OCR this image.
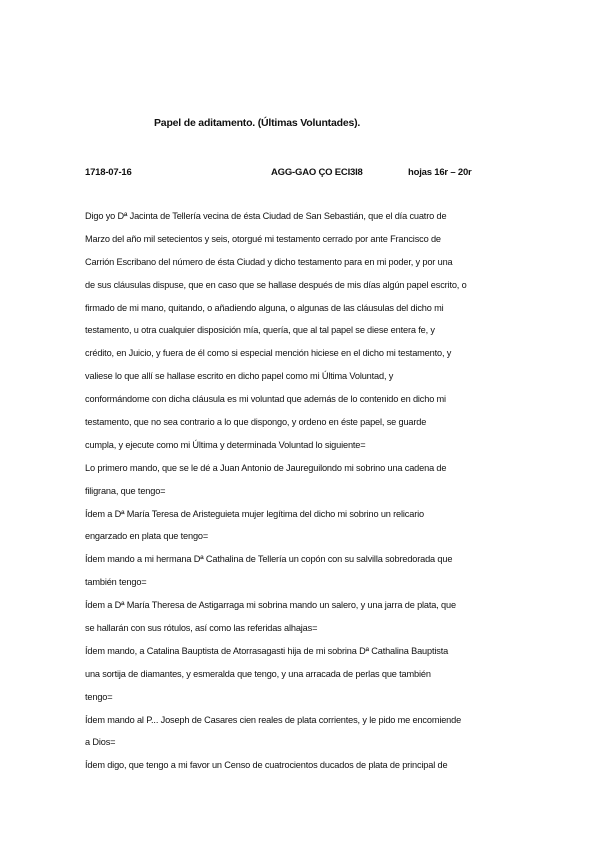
Papel de aditamento. (Últimas Voluntades).
1718-07-16	AGG-GAO ÇO ECI3I8	hojas 16r – 20r
Digo yo Dª Jacinta de Tellería vecina de ésta Ciudad de San Sebastián, que el día cuatro de
Marzo del año mil setecientos y seis, otorgué mi testamento cerrado por ante Francisco de
Carrión Escribano del número de ésta Ciudad y dicho testamento para en mi poder, y por una
de sus cláusulas dispuse, que en caso que se hallase después de mis días algún papel escrito, o
firmado de mi mano, quitando, o añadiendo alguna, o algunas de las cláusulas del dicho mi
testamento, u otra cualquier disposición mía, quería, que al tal papel se diese entera fe, y
crédito, en Juicio, y fuera de él como si especial mención hiciese en el dicho mi testamento, y
valiese lo que allí se hallase escrito en dicho papel como mi Última Voluntad, y
conformándome con dicha cláusula es mi voluntad que además de lo contenido en dicho mi
testamento, que no sea contrario a lo que dispongo, y ordeno en éste papel, se guarde
cumpla, y ejecute como mi Última y determinada Voluntad lo siguiente=
Lo primero mando, que se le dé a Juan Antonio de Jaureguilondo mi sobrino una cadena de
filigrana, que tengo=
Ídem a Dª María Teresa de Aristeguieta mujer legítima del dicho mi sobrino un relicario
engarzado en plata que tengo=
Ídem mando a mi hermana Dª Cathalina de Tellería un copón con su salvilla sobredorada que
también tengo=
Ídem a Dª María Theresa de Astigarraga mi sobrina mando un salero, y una jarra de plata, que
se hallarán con sus rótulos, así como las referidas alhajas=
Ídem mando, a Catalina Bauptista de Atorrasagasti hija de mi sobrina Dª Cathalina Bauptista
una sortija de diamantes, y esmeralda que tengo, y una arracada de perlas que también
tengo=
Ídem mando al P... Joseph de Casares cien reales de plata corrientes, y le pido me encomiende
a Dios=
Ídem digo, que tengo a mi favor un Censo de cuatrocientos ducados de plata de principal de
